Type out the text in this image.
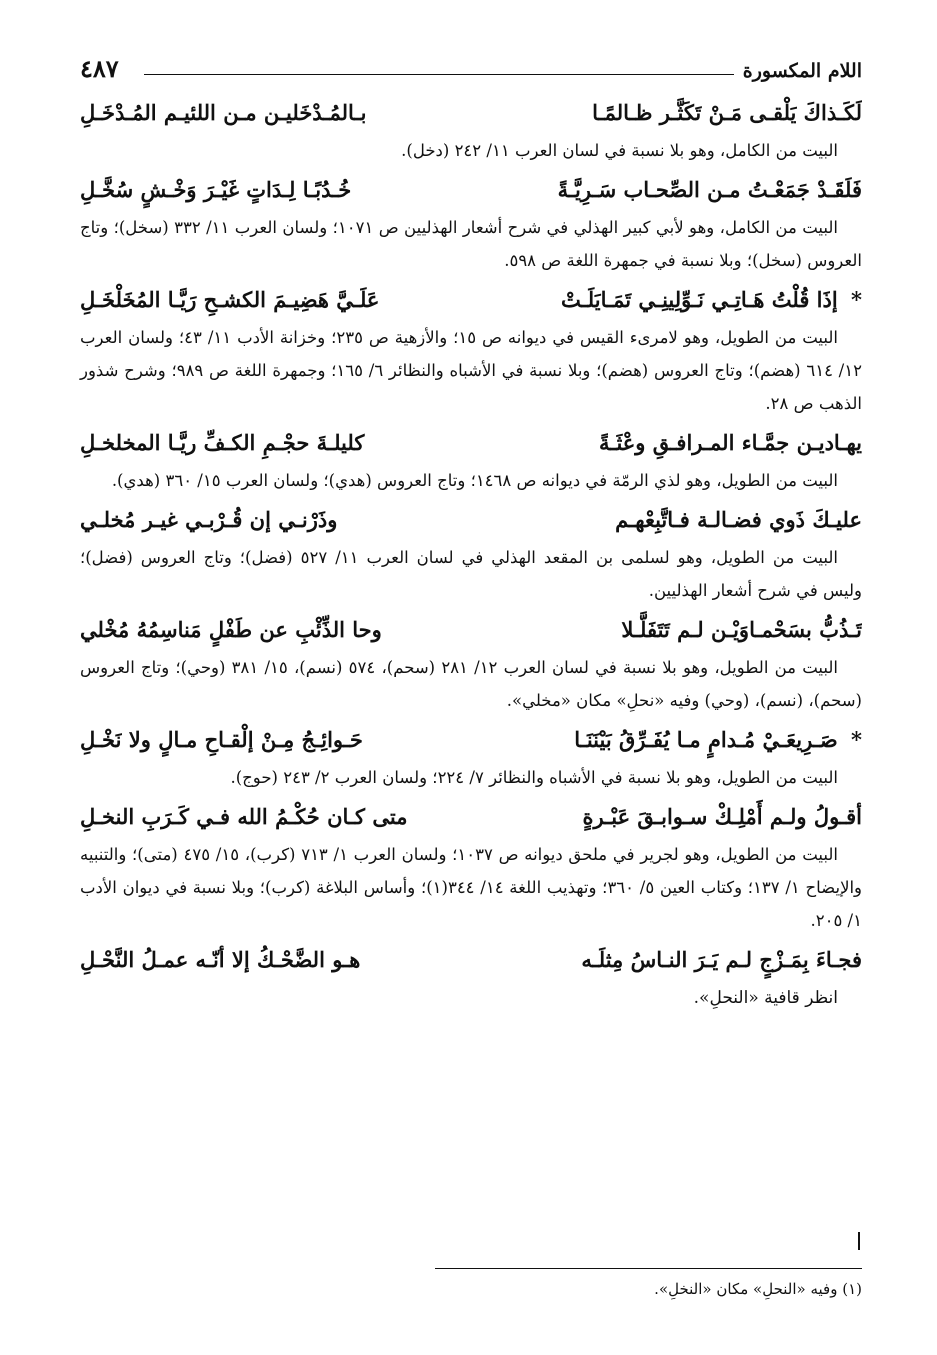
اللام المكسورة
٤٨٧
لَكَـذاكَ يَلْقـى مَـنْ تَكَثَّـر ظـالمًـا
بـالمُـدْخَليـن مـن اللئيـم المُـدْخَـلِ

البيت من الكامل، وهو بلا نسبة في لسان العرب ١١/ ٢٤٢ (دخل).

فَلَقَـدْ جَمَعْـتُ مـن الصِّحـاب سَـرِيَّـةً
خُـدُبًـا لِـدَاتٍ غَيْـرَ وَخْـشٍ سُخَّـلِ

البيت من الكامل، وهو لأبي كبير الهذلي في شرح أشعار الهذليين ص ١٠٧١؛ ولسان العرب ١١/ ٣٣٢ (سخل)؛ وتاج العروس (سخل)؛ وبلا نسبة في جمهرة اللغة ص ٥٩٨.

* إذَا قُلْتُ هَـاتِـي نَـوِّلِينِـي تَمَـايَلَـتْ
عَلَـيَّ هَضِيـمَ الكشـحِ رَيَّـا المُخَلْخَـلِ

البيت من الطويل، وهو لامرىء القيس في ديوانه ص ١٥؛ والأزهية ص ٢٣٥؛ وخزانة الأدب ١١/ ٤٣؛ ولسان العرب ١٢/ ٦١٤ (هضم)؛ وتاج العروس (هضم)؛ وبلا نسبة في الأشباه والنظائر ٦/ ١٦٥؛ وجمهرة اللغة ص ٩٨٩؛ وشرح شذور الذهب ص ٢٨.

يهـاديـن جمَّـاء المـرافـقِ وعْثَـةً
كليلـةَ حجْـمِ الكـفِّ ريَّـا المخلخـلِ

البيت من الطويل، وهو لذي الرمّة في ديوانه ص ١٤٦٨؛ وتاج العروس (هدي)؛ ولسان العرب ١٥/ ٣٦٠ (هدي).

عليـكَ ذَوي فضـالـة فـاتَّبِعْهـم
وذَرْنـي إن قُـرْبـي غيـر مُخلـي

البيت من الطويل، وهو لسلمى بن المقعد الهذلي في لسان العرب ١١/ ٥٢٧ (فضل)؛ وتاج العروس (فضل)؛ وليس في شرح أشعار الهذليين.

تَـذُبُّ بسَحْمـاوَيْـن لـم تَتَفَلَّـلا
وحا الذِّئْبِ عن طَفْلٍ مَناسِمُهُ مُخْلي

البيت من الطويل، وهو بلا نسبة في لسان العرب ١٢/ ٢٨١ (سحم)، ٥٧٤ (نسم)، ١٥/ ٣٨١ (وحي)؛ وتاج العروس (سحم)، (نسم)، (وحي) وفيه «نحلِ» مكان «مخلي».

* صَـرِيعَـيْ مُـدامٍ مـا يُفَـرِّقُ بَيْنَنَـا
حَـوائِـجُ مِـنْ إلْقـاحِ مـالٍ ولا نَخْـلِ

البيت من الطويل، وهو بلا نسبة في الأشباه والنظائر ٧/ ٢٢٤؛ ولسان العرب ٢/ ٢٤٣ (حوج).

أقـولُ ولـم أَمْلِـكْ سـوابـقَ عَبْـرةٍ
متى كـان حُكْـمُ الله فـي كَـرَبِ النخـلِ

البيت من الطويل، وهو لجرير في ملحق ديوانه ص ١٠٣٧؛ ولسان العرب ١/ ٧١٣ (كرب)، ١٥/ ٤٧٥ (متى)؛ والتنبيه والإيضاح ١/ ١٣٧؛ وكتاب العين ٥/ ٣٦٠؛ وتهذيب اللغة ١٤/ ٣٤٤(١)؛ وأساس البلاغة (كرب)؛ وبلا نسبة في ديوان الأدب ١/ ٢٠٥.

فجـاءَ بِمَـزْجٍ لـم يَـرَ النـاسُ مِثلَـه
هـو الضَّحْـكُ إلا أنّـه عمـلُ النَّحْـلِ

انظر قافية «النحلِ».

(١) وفيه «النحلِ» مكان «النخلِ».
